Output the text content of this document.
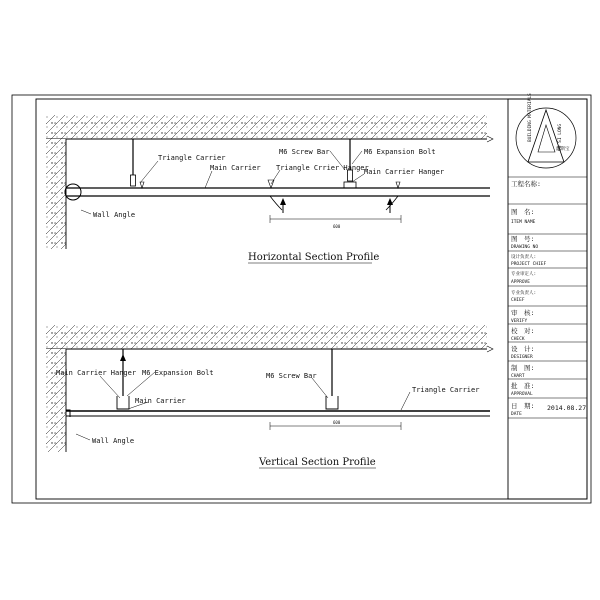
600
Triangle Carrier
Main Carrier
M6 Screw Bar	M6 Expansion Bolt
Triangle Crrier Hanger
Main Carrier Hanger
Wall Angle
Horizontal Section Profile
600
Main Carrier Hanger M6 Expansion Bolt
Main Carrier
M6 Screw Bar
Triangle Carrier
Wall Angle
Vertical Section Profile
澳斯宝
OU SI LONG
BUILDING MATERIALS
工程名称:
图　名:
ITEM NAME
图　号:
DRAWING NO
设计负责人:
PROJECT CHIEF
专业审定人:
APPROVE
专业负责人:
CHIEF
审　核:
VERIFY
校　对:
CHECK
设　计:
DESIGNER
制　图:
CHART
批　准:
APPROVAL
日　期:
DATE
2014.08.27
